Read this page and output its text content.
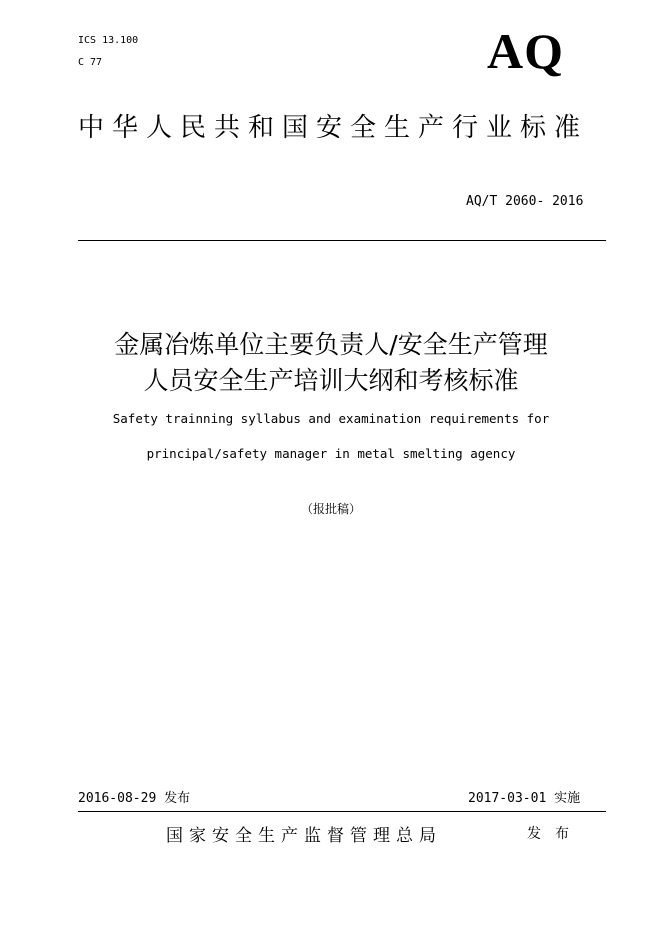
ICS 13.100
C 77	AQ
中华人民共和国安全生产行业标准
AQ/T 2060- 2016
金属冶炼单位主要负责人/安全生产管理
人员安全生产培训大纲和考核标准
Safety trainning syllabus and examination requirements for
principal/safety manager in metal smelting agency
（报批稿）
2016-08-29 发布	2017-03-01 实施
国家安全生产监督管理总局	发布
